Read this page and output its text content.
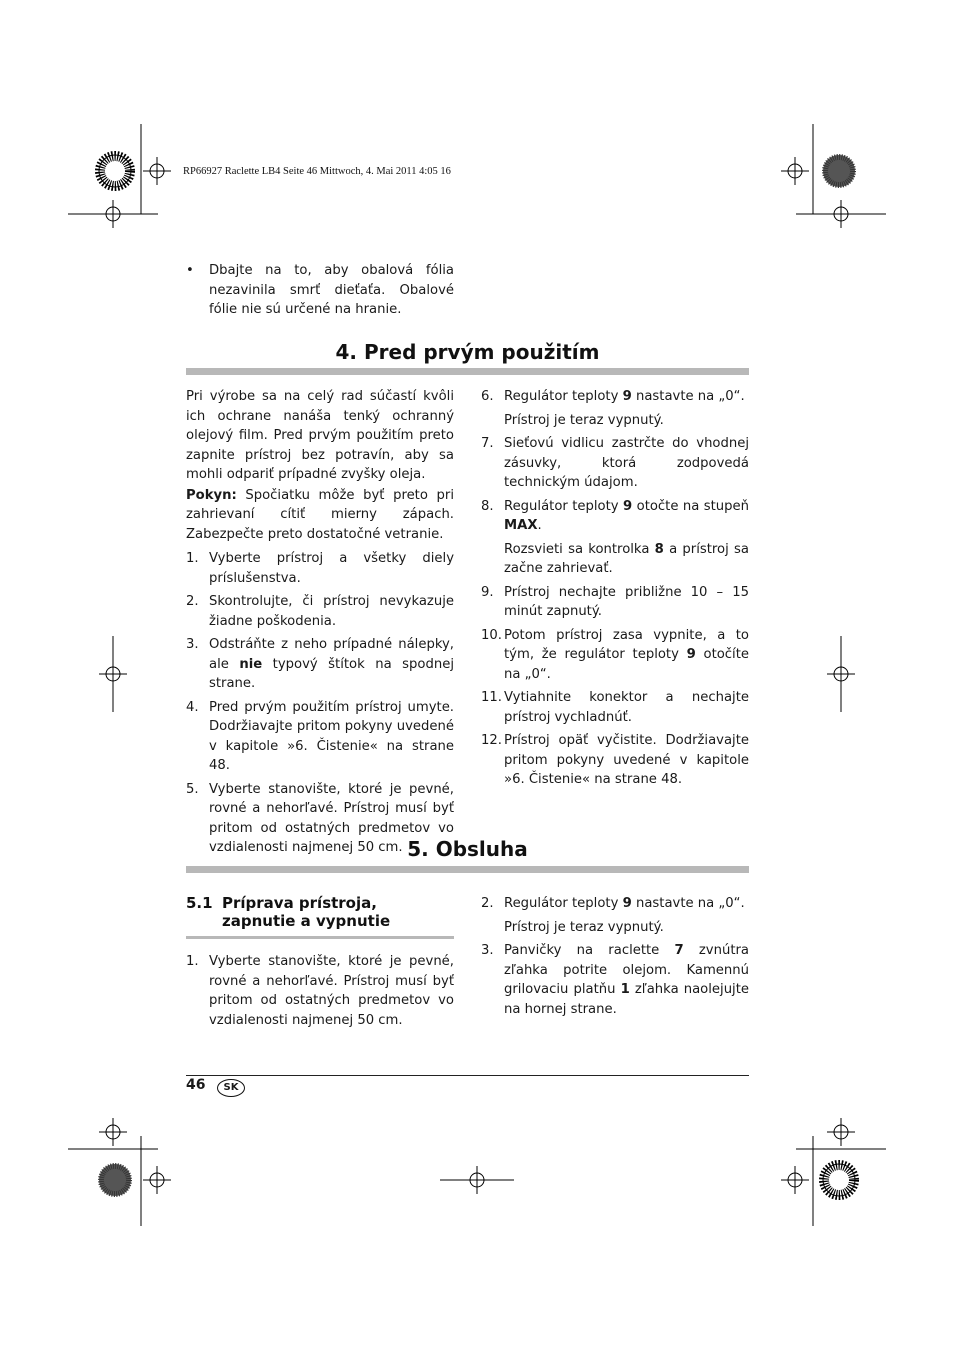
RP66927 Raclette LB4 Seite 46 Mittwoch, 4. Mai 2011 4:05 16
• Dbajte na to, aby obalová fólia nezavinila smrť dieťaťa. Obalové fólie nie sú určené na hranie.
4. Pred prvým použitím

Pri výrobe sa na celý rad súčastí kvôli ich ochrane nanáša tenký ochranný olejový film. Pred prvým použitím preto zapnite prístroj bez potravín, aby sa mohli odpariť prípadné zvyšky oleja.

Pokyn: Spočiatku môže byť preto pri zahrievaní cítiť mierny zápach. Zabezpečte preto dostatočné vetranie.

1. Vyberte prístroj a všetky diely príslušenstva.
2. Skontrolujte, či prístroj nevykazuje žiadne poškodenia.
3. Odstráňte z neho prípadné nálepky, ale nie typový štítok na spodnej strane.
4. Pred prvým použitím prístroj umyte. Dodržiavajte pritom pokyny uvedené v kapitole »6. Čistenie« na strane 48.
5. Vyberte stanovište, ktoré je pevné, rovné a nehorľavé. Prístroj musí byť pritom od ostatných predmetov vo vzdialenosti najmenej 50 cm.
6. Regulátor teploty 9 nastavte na „0“.
Prístroj je teraz vypnutý.
7. Sieťovú vidlicu zastrčte do vhodnej zásuvky, ktorá zodpovedá technickým údajom.
8. Regulátor teploty 9 otočte na stupeň MAX.
Rozsvieti sa kontrolka 8 a prístroj sa začne zahrievať.
9. Prístroj nechajte približne 10 – 15 minút zapnutý.
10. Potom prístroj zasa vypnite, a to tým, že regulátor teploty 9 otočíte na „0“.
11. Vytiahnite konektor a nechajte prístroj vychladnúť.
12. Prístroj opäť vyčistite. Dodržiavajte pritom pokyny uvedené v kapitole »6. Čistenie« na strane 48.
5. Obsluha
5.1 Príprava prístroja, zapnutie a vypnutie
1. Vyberte stanovište, ktoré je pevné, rovné a nehorľavé. Prístroj musí byť pritom od ostatných predmetov vo vzdialenosti najmenej 50 cm.
2. Regulátor teploty 9 nastavte na „0“.
Prístroj je teraz vypnutý.
3. Panvičky na raclette 7 zvnútra zľahka potrite olejom. Kamennú grilovaciu platňu 1 zľahka naolejujte na hornej strane.
46	SK
